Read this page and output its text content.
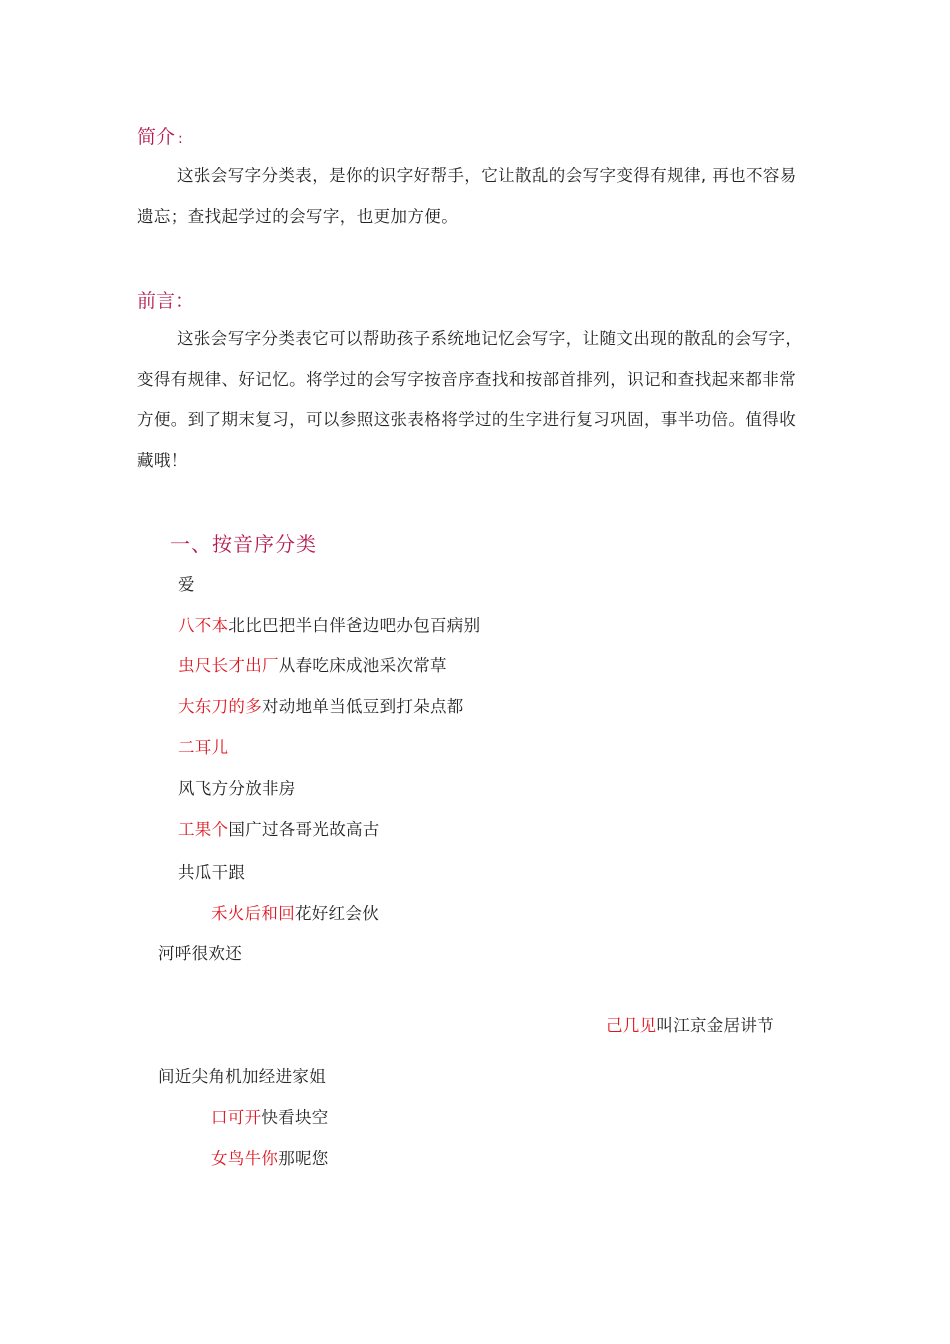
简介 :
这张会写字分类表，是你的识字好帮手，它让散乱的会写字变得有规律, 再也不容易遗忘；查找起学过的会写字，也更加方便。
前言：
这张会写字分类表它可以帮助孩子系统地记忆会写字，让随文出现的散乱的会写字，变得有规律、好记忆。将学过的会写字按音序查找和按部首排列，识记和查找起来都非常方便。到了期末复习，可以参照这张表格将学过的生字进行复习巩固，事半功倍。值得收藏哦！
一、按音序分类
爱
八不本北比巴把半白伴爸边吧办包百病别
虫尺长才出厂从春吃床成池采次常草
大东刀的多对动地单当低豆到打朵点都
二耳儿
风飞方分放非房
工果个国广过各哥光故高古
共瓜干跟
禾火后和回花好红会伙
河呼很欢还
己几见叫江京金居讲节
间近尖角机加经进家姐
口可开快看块空
女鸟牛你那呢您
